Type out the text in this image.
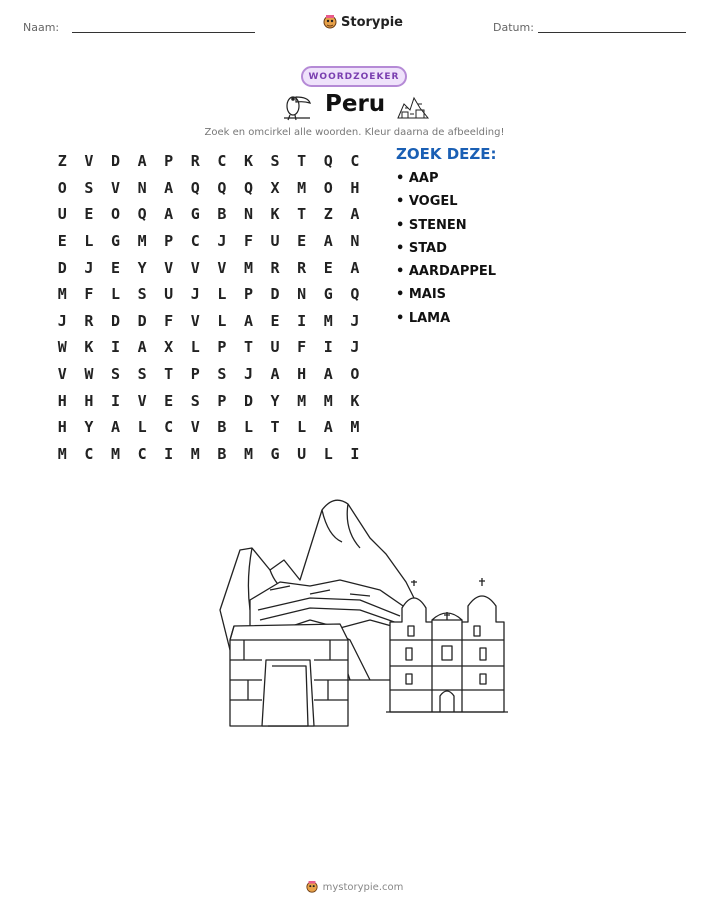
Naam:	Storypie	Datum:
WOORDZOEKER
Peru
Zoek en omcirkel alle woorden. Kleur daarna de afbeelding!
Z	V	D	A	P	R	C	K	S	T	Q	C
O	S	V	N	A	Q	Q	Q	X	M	O	H
U	E	O	Q	A	G	B	N	K	T	Z	A
E	L	G	M	P	C	J	F	U	E	A	N
D	J	E	Y	V	V	V	M	R	R	E	A
M	F	L	S	U	J	L	P	D	N	G	Q
J	R	D	D	F	V	L	A	E	I	M	J
W	K	I	A	X	L	P	T	U	F	I	J
V	W	S	S	T	P	S	J	A	H	A	O
H	H	I	V	E	S	P	D	Y	M	M	K
H	Y	A	L	C	V	B	L	T	L	A	M
M	C	M	C	I	M	B	M	G	U	L	I
ZOEK DEZE:
• AAP
• VOGEL
• STENEN
• STAD
• AARDAPPEL
• MAIS
• LAMA
mystorypie.com
